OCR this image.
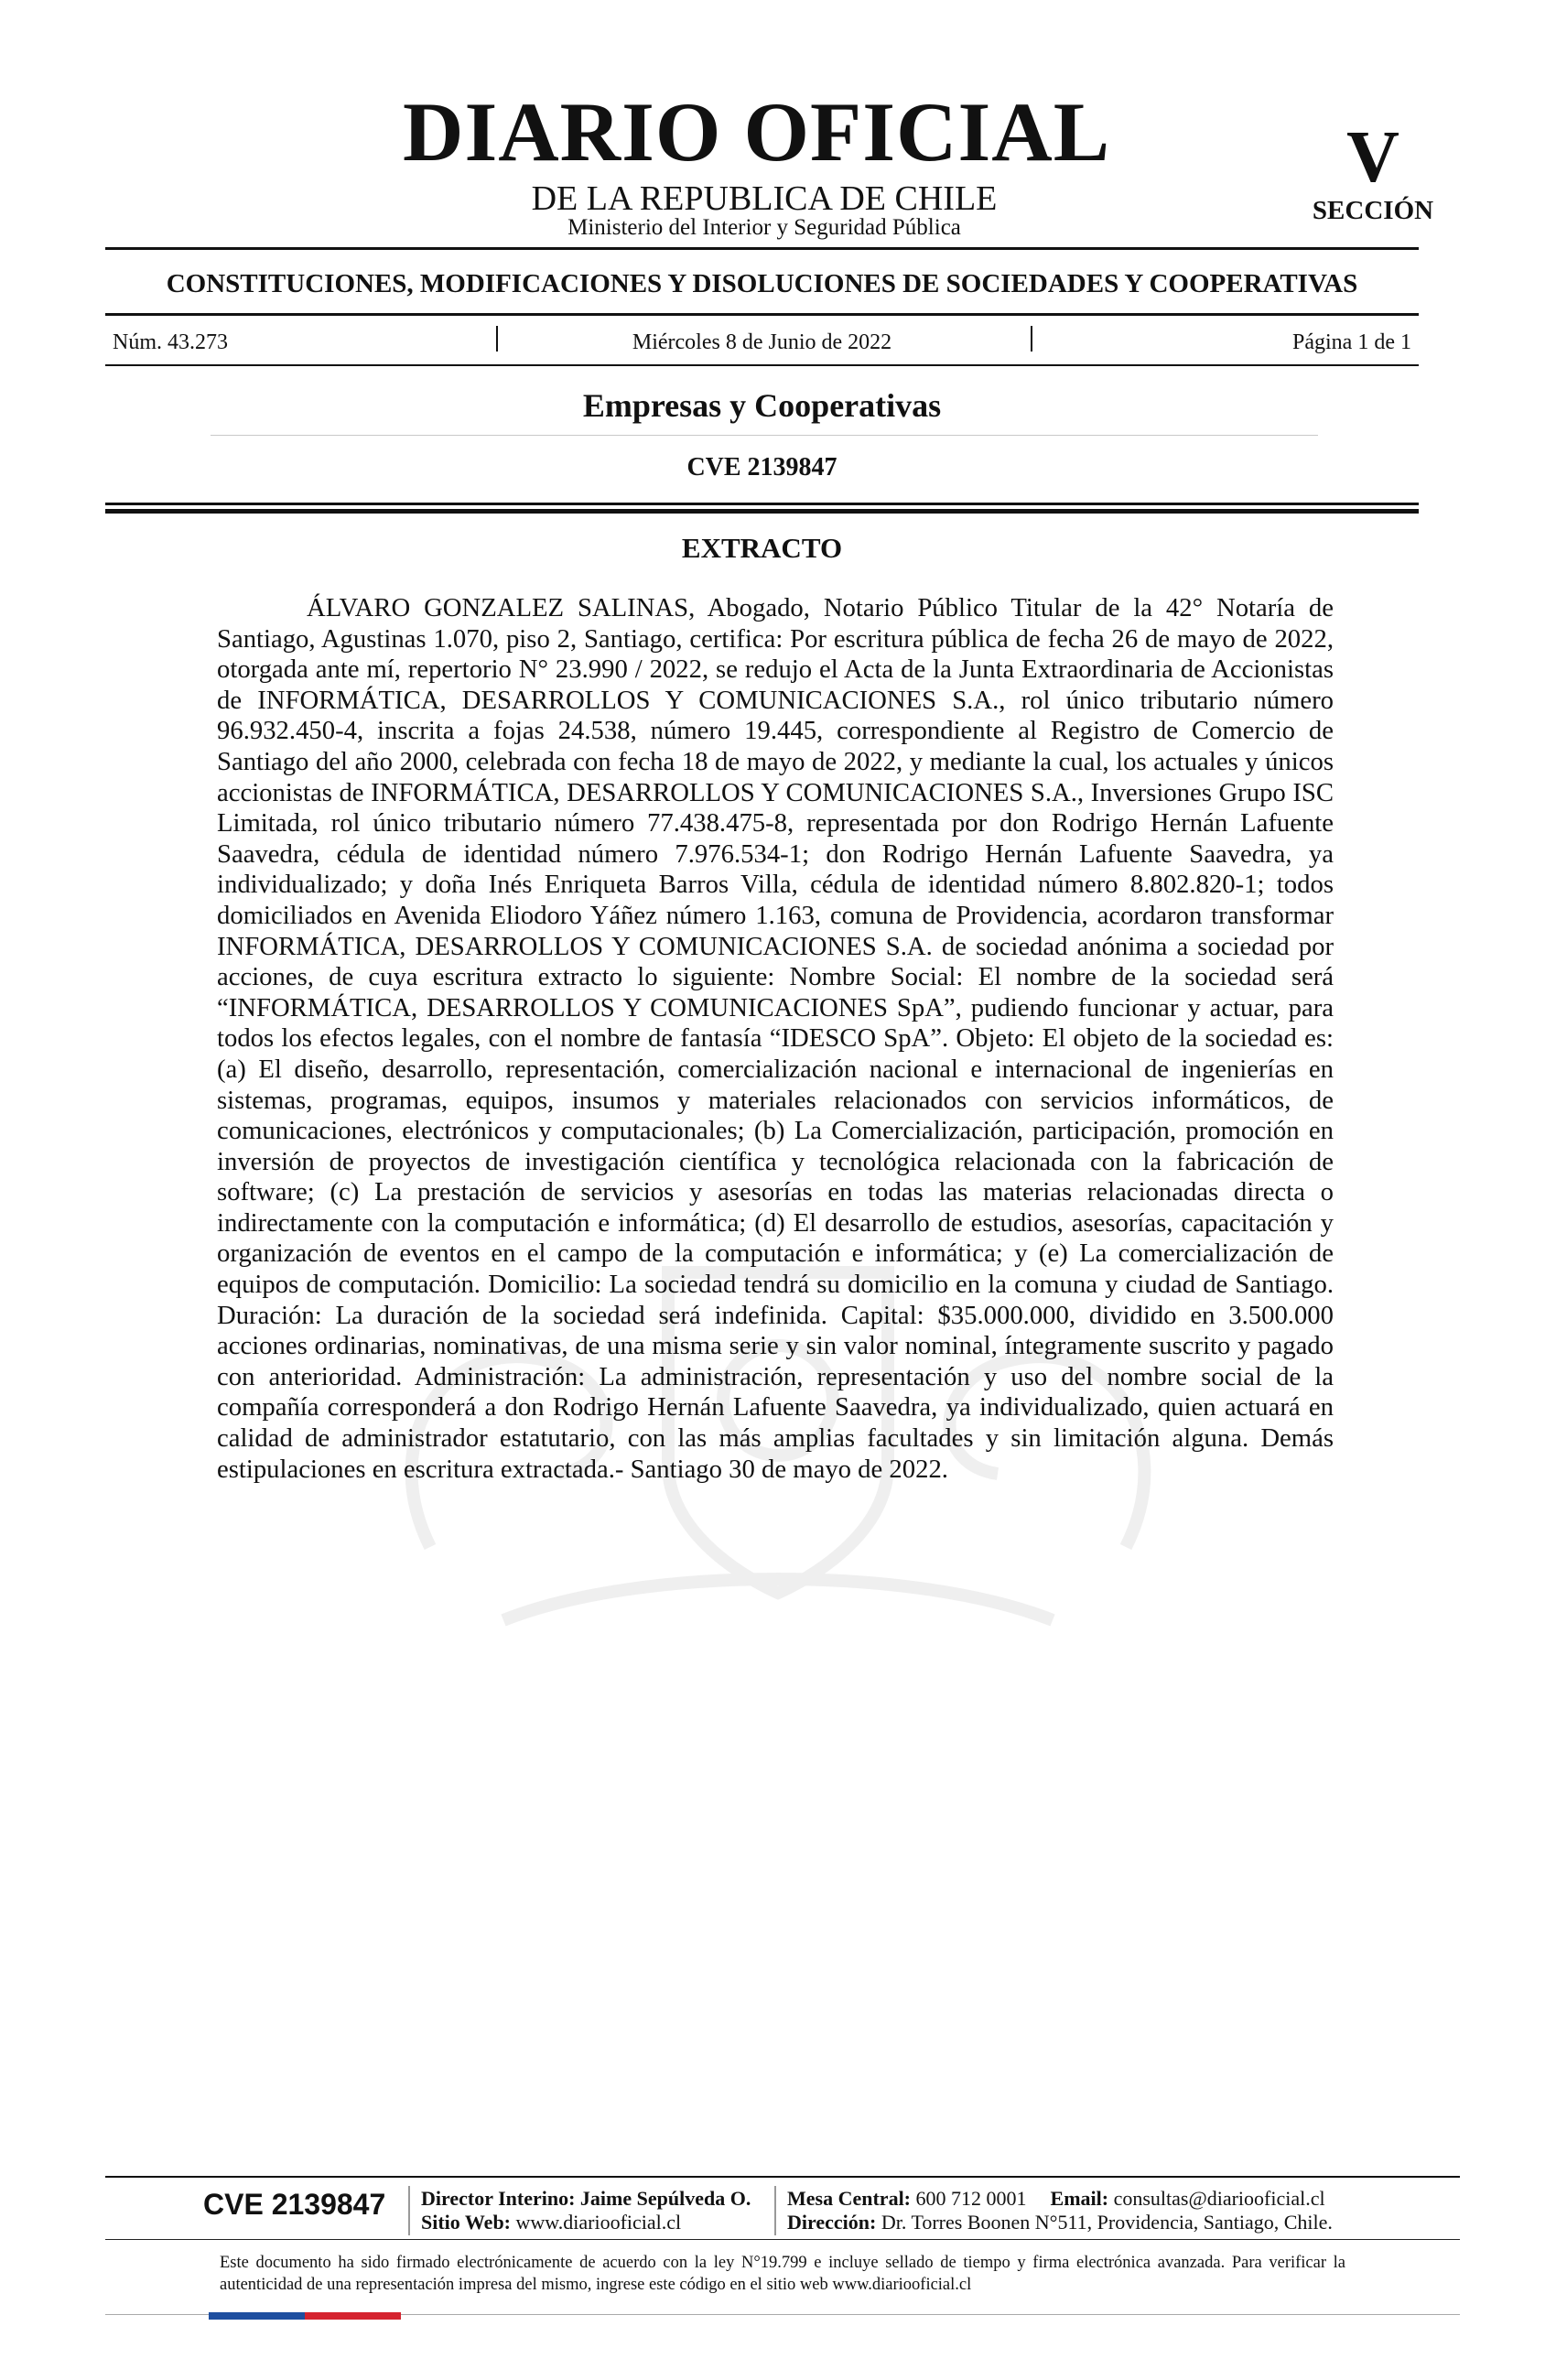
DIARIO OFICIAL
DE LA REPUBLICA DE CHILE
Ministerio del Interior y Seguridad Pública
V
SECCIÓN
CONSTITUCIONES, MODIFICACIONES Y DISOLUCIONES DE SOCIEDADES Y COOPERATIVAS
Núm. 43.273	Miércoles 8 de Junio de 2022	Página 1 de 1
Empresas y Cooperativas
CVE 2139847
EXTRACTO

ÁLVARO GONZALEZ SALINAS, Abogado, Notario Público Titular de la 42° Notaría de Santiago, Agustinas 1.070, piso 2, Santiago, certifica: Por escritura pública de fecha 26 de mayo de 2022, otorgada ante mí, repertorio N° 23.990 / 2022, se redujo el Acta de la Junta Extraordinaria de Accionistas de INFORMÁTICA, DESARROLLOS Y COMUNICACIONES S.A., rol único tributario número 96.932.450-4, inscrita a fojas 24.538, número 19.445, correspondiente al Registro de Comercio de Santiago del año 2000, celebrada con fecha 18 de mayo de 2022, y mediante la cual, los actuales y únicos accionistas de INFORMÁTICA, DESARROLLOS Y COMUNICACIONES S.A., Inversiones Grupo ISC Limitada, rol único tributario número 77.438.475-8, representada por don Rodrigo Hernán Lafuente Saavedra, cédula de identidad número 7.976.534-1; don Rodrigo Hernán Lafuente Saavedra, ya individualizado; y doña Inés Enriqueta Barros Villa, cédula de identidad número 8.802.820-1; todos domiciliados en Avenida Eliodoro Yáñez número 1.163, comuna de Providencia, acordaron transformar INFORMÁTICA, DESARROLLOS Y COMUNICACIONES S.A. de sociedad anónima a sociedad por acciones, de cuya escritura extracto lo siguiente: Nombre Social: El nombre de la sociedad será “INFORMÁTICA, DESARROLLOS Y COMUNICACIONES SpA”, pudiendo funcionar y actuar, para todos los efectos legales, con el nombre de fantasía “IDESCO SpA”. Objeto: El objeto de la sociedad es: (a) El diseño, desarrollo, representación, comercialización nacional e internacional de ingenierías en sistemas, programas, equipos, insumos y materiales relacionados con servicios informáticos, de comunicaciones, electrónicos y computacionales; (b) La Comercialización, participación, promoción en inversión de proyectos de investigación científica y tecnológica relacionada con la fabricación de software; (c) La prestación de servicios y asesorías en todas las materias relacionadas directa o indirectamente con la computación e informática; (d) El desarrollo de estudios, asesorías, capacitación y organización de eventos en el campo de la computación e informática; y (e) La comercialización de equipos de computación. Domicilio: La sociedad tendrá su domicilio en la comuna y ciudad de Santiago. Duración: La duración de la sociedad será indefinida. Capital: $35.000.000, dividido en 3.500.000 acciones ordinarias, nominativas, de una misma serie y sin valor nominal, íntegramente suscrito y pagado con anterioridad. Administración: La administración, representación y uso del nombre social de la compañía corresponderá a don Rodrigo Hernán Lafuente Saavedra, ya individualizado, quien actuará en calidad de administrador estatutario, con las más amplias facultades y sin limitación alguna. Demás estipulaciones en escritura extractada.- Santiago 30 de mayo de 2022.

CVE 2139847 Director Interino: Jaime Sepúlveda O.
Sitio Web: www.diariooficial.cl
Mesa Central: 600 712 0001 Email: consultas@diariooficial.cl
Dirección: Dr. Torres Boonen N°511, Providencia, Santiago, Chile.
Este documento ha sido firmado electrónicamente de acuerdo con la ley N°19.799 e incluye sellado de tiempo y firma electrónica avanzada. Para verificar la autenticidad de una representación impresa del mismo, ingrese este código en el sitio web www.diariooficial.cl
